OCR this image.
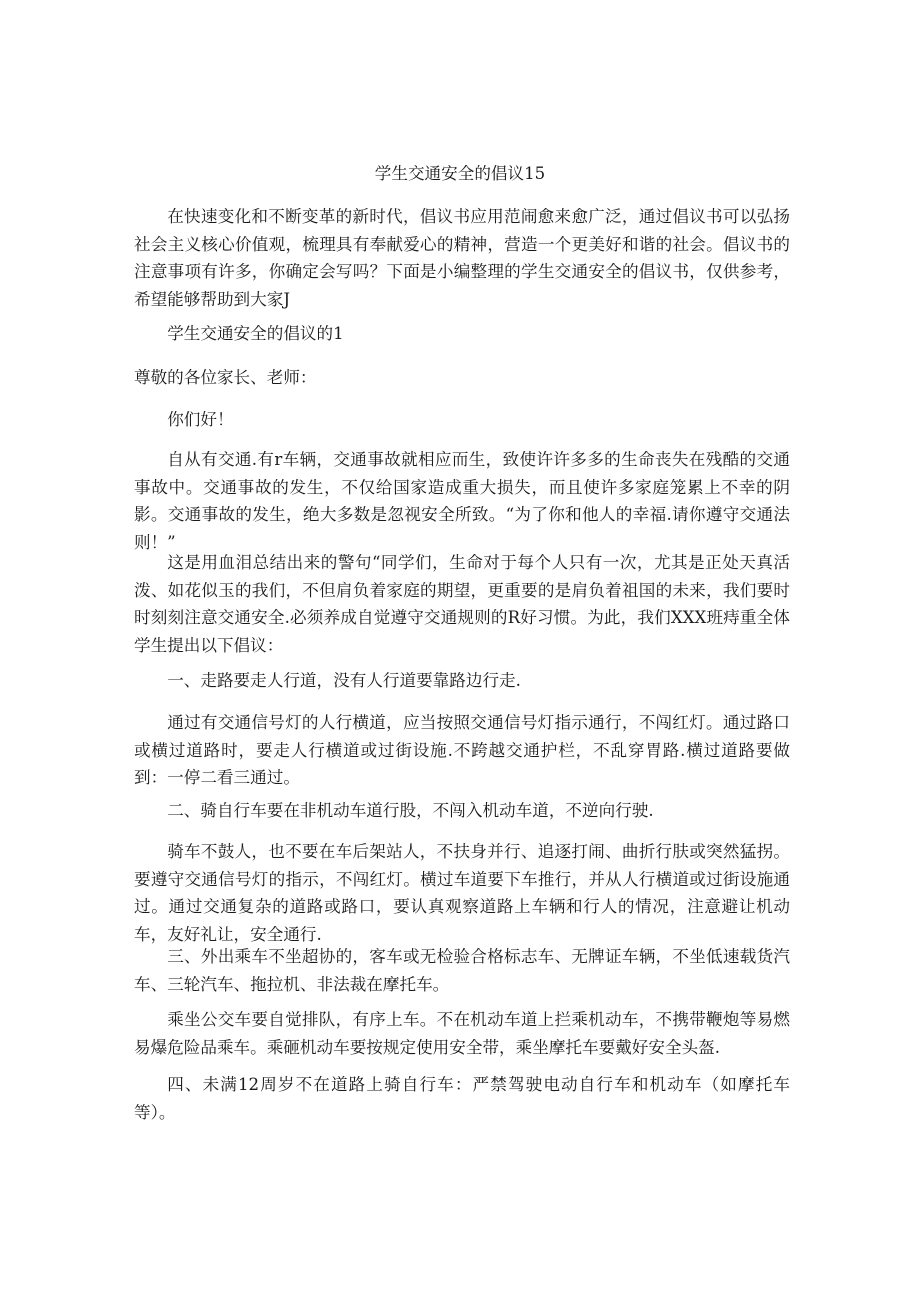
学生交通安全的倡议15

在快速变化和不断变革的新时代，倡议书应用范闹愈来愈广泛，通过倡议书可以弘扬社会主义核心价值观，梳理具有奉献爱心的精神，营造一个更美好和谐的社会。倡议书的注意事项有许多，你确定会写吗？下面是小编整理的学生交通安全的倡议书，仅供参考，希望能够帮助到大家J

学生交通安全的倡议的1

尊敬的各位家长、老师：

你们好！

自从有交通.有r车辆，交通事故就相应而生，致使许许多多的生命丧失在残酷的交通事故中。交通事故的发生，不仅给国家造成重大损失，而且使许多家庭笼累上不幸的阴影。交通事故的发生，绝大多数是忽视安全所致。“为了你和他人的幸福.请你遵守交通法则！”

这是用血泪总结出来的警句“同学们，生命对于每个人只有一次，尤其是正处天真活泼、如花似玉的我们，不但肩负着家庭的期望，更重要的是肩负着祖国的未来，我们要时时刻刻注意交通安全.必须养成自觉遵守交通规则的R好习惯。为此，我们XXX班痔重全体学生提出以下倡议：

一、走路要走人行道，没有人行道要靠路边行走.

通过有交通信号灯的人行横道，应当按照交通信号灯指示通行，不闯红灯。通过路口或横过道路时，要走人行横道或过街设施.不跨越交通护栏，不乱穿胃路.横过道路要做到：一停二看三通过。

二、骑自行车要在非机动车道行股，不闯入机动车道，不逆向行驶.

骑车不鼓人，也不要在车后架站人，不扶身并行、追逐打闹、曲折行肤或突然猛拐。要遵守交通信号灯的指示，不闯红灯。横过车道要下车推行，并从人行横道或过街设施通过。通过交通复杂的道路或路口，要认真观察道路上车辆和行人的情况，注意避让机动车，友好礼让，安全通行.

三、外出乘车不坐超协的，客车或无检验合格标志车、无牌证车辆，不坐低速载货汽车、三轮汽车、拖拉机、非法裁在摩托车。

乘坐公交车要自觉排队，有序上车。不在机动车道上拦乘机动车，不携带鞭炮等易燃易爆危险品乘车。乘砸机动车要按规定使用安全带，乘坐摩托车要戴好安全头盔.

四、未满12周岁不在道路上骑自行车：严禁驾驶电动自行车和机动车（如摩托车等）。
